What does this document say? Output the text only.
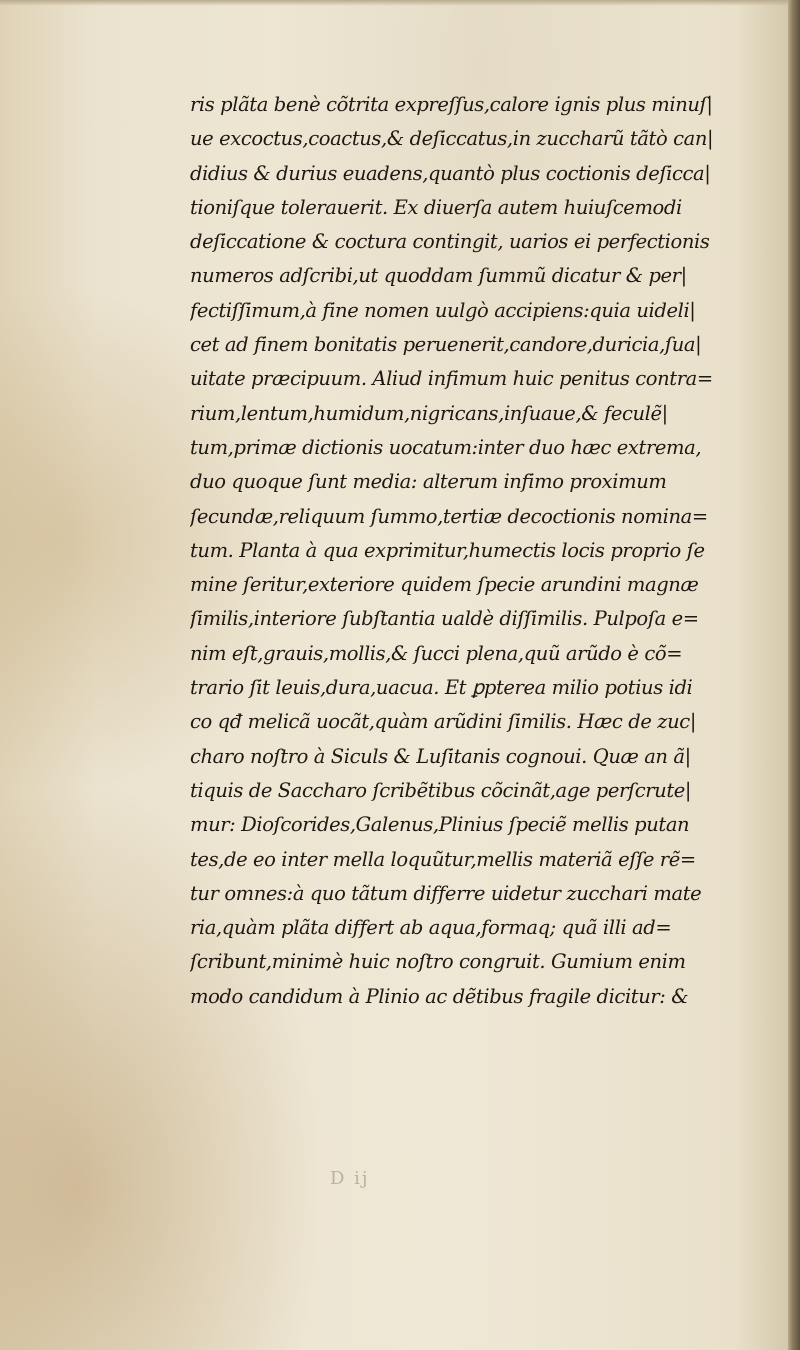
ris plãta benè cõtrita expreſſus,calore ignis plus minuſ|
ue excoctus,coactus,& deſiccatus,in zuccharũ tãtò can|
didius & durius euadens,quantò plus coctionis deſicca|
tioniſque tolerauerit. Ex diuerſa autem huiuſcemodi
deſiccatione & coctura contingit, uarios ei perfectionis
numeros adſcribi,ut quoddam ſummũ dicatur & per|
fectiſſimum,à fine nomen uulgò accipiens:quia uideli|
cet ad finem bonitatis peruenerit,candore,duricia,ſua|
uitate præcipuum. Aliud infimum huic penitus contra=
rium,lentum,humidum,nigricans,inſuaue,& feculẽ|
tum,primæ dictionis uocatum:inter duo hæc extrema,
duo quoque ſunt media: alterum infimo proximum
ſecundæ,reliquum ſummo,tertiæ decoctionis nomina=
tum. Planta à qua exprimitur,humectis locis proprio ſe
mine ſeritur,exteriore quidem ſpecie arundini magnæ
ſimilis,interiore ſubſtantia ualdè diſſimilis. Pulpoſa e=
nim eſt,grauis,mollis,& ſucci plena,quũ arũdo è cõ=
trario ſit leuis,dura,uacua. Et ꝑpterea milio potius idi
co qđ melicã uocãt,quàm arũdini ſimilis. Hæc de zuc|
charo noſtro à Siculs & Luſitanis cognoui. Quæ an ã|
tiquis de Saccharo ſcribẽtibus cõcinãt,age perſcrute|
mur: Dioſcorides,Galenus,Plinius ſpeciẽ mellis putan
tes,de eo inter mella loquũtur,mellis materiã eſſe rẽ=
tur omnes:à quo tãtum differre uidetur zucchari mate
ria,quàm plãta differt ab aqua,formaq; quã illi ad=
ſcribunt,minimè huic noſtro congruit. Gumium enim
modo candidum à Plinio ac dẽtibus fragile dicitur: &
D ij
